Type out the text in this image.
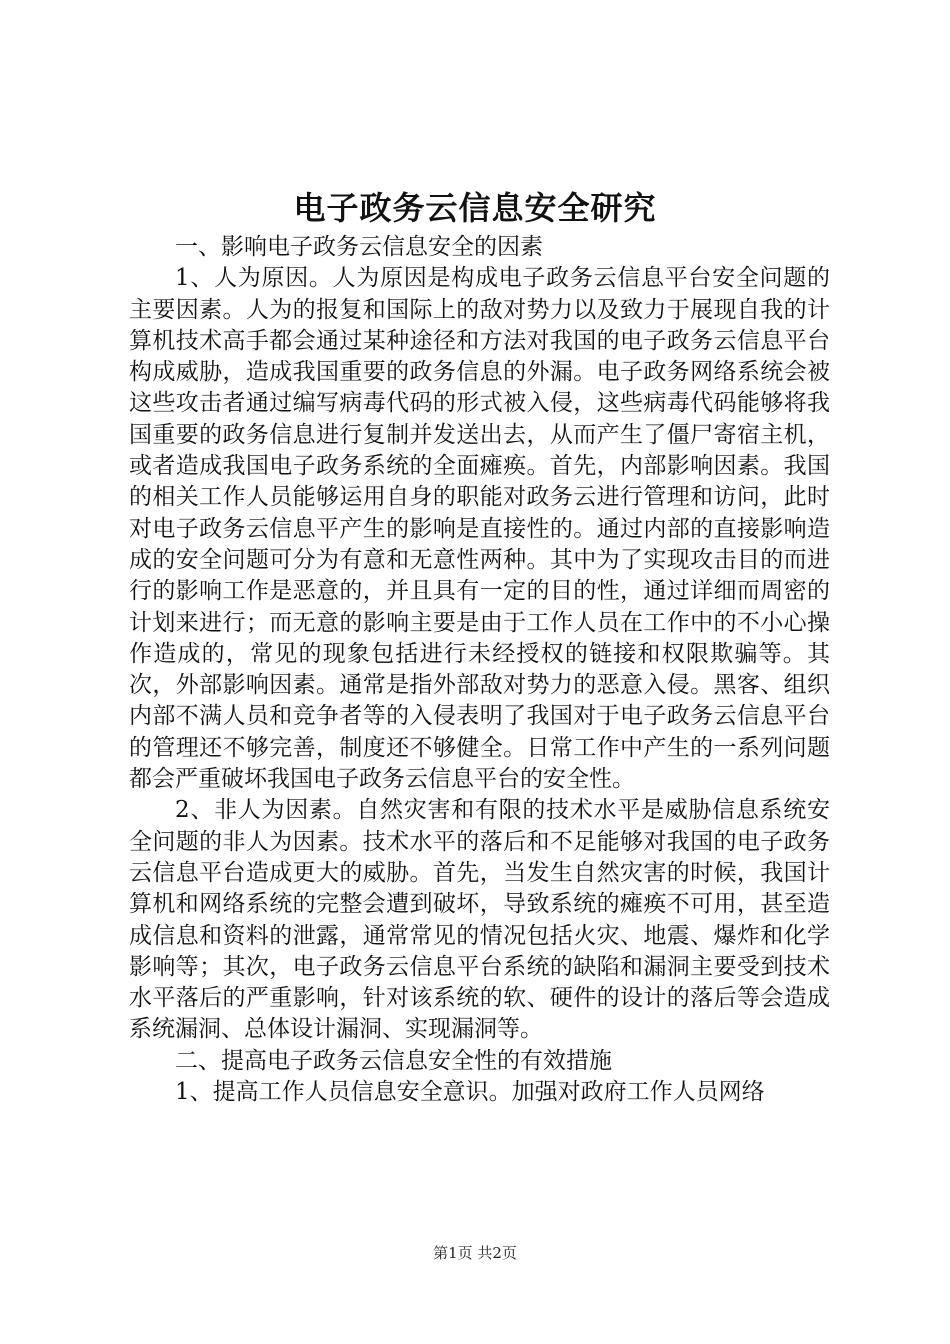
电子政务云信息安全研究

一、影响电子政务云信息安全的因素

1、人为原因。人为原因是构成电子政务云信息平台安全问题的主要因素。人为的报复和国际上的敌对势力以及致力于展现自我的计算机技术高手都会通过某种途径和方法对我国的电子政务云信息平台构成威胁，造成我国重要的政务信息的外漏。电子政务网络系统会被这些攻击者通过编写病毒代码的形式被入侵，这些病毒代码能够将我国重要的政务信息进行复制并发送出去，从而产生了僵尸寄宿主机，或者造成我国电子政务系统的全面瘫痪。首先，内部影响因素。我国的相关工作人员能够运用自身的职能对政务云进行管理和访问，此时对电子政务云信息平产生的影响是直接性的。通过内部的直接影响造成的安全问题可分为有意和无意性两种。其中为了实现攻击目的而进行的影响工作是恶意的，并且具有一定的目的性，通过详细而周密的计划来进行；而无意的影响主要是由于工作人员在工作中的不小心操作造成的，常见的现象包括进行未经授权的链接和权限欺骗等。其次，外部影响因素。通常是指外部敌对势力的恶意入侵。黑客、组织内部不满人员和竞争者等的入侵表明了我国对于电子政务云信息平台的管理还不够完善，制度还不够健全。日常工作中产生的一系列问题都会严重破坏我国电子政务云信息平台的安全性。

2、非人为因素。自然灾害和有限的技术水平是威胁信息系统安全问题的非人为因素。技术水平的落后和不足能够对我国的电子政务云信息平台造成更大的威胁。首先，当发生自然灾害的时候，我国计算机和网络系统的完整会遭到破坏，导致系统的瘫痪不可用，甚至造成信息和资料的泄露，通常常见的情况包括火灾、地震、爆炸和化学影响等；其次，电子政务云信息平台系统的缺陷和漏洞主要受到技术水平落后的严重影响，针对该系统的软、硬件的设计的落后等会造成系统漏洞、总体设计漏洞、实现漏洞等。

二、提高电子政务云信息安全性的有效措施

1、提高工作人员信息安全意识。加强对政府工作人员网络

第1页 共2页
